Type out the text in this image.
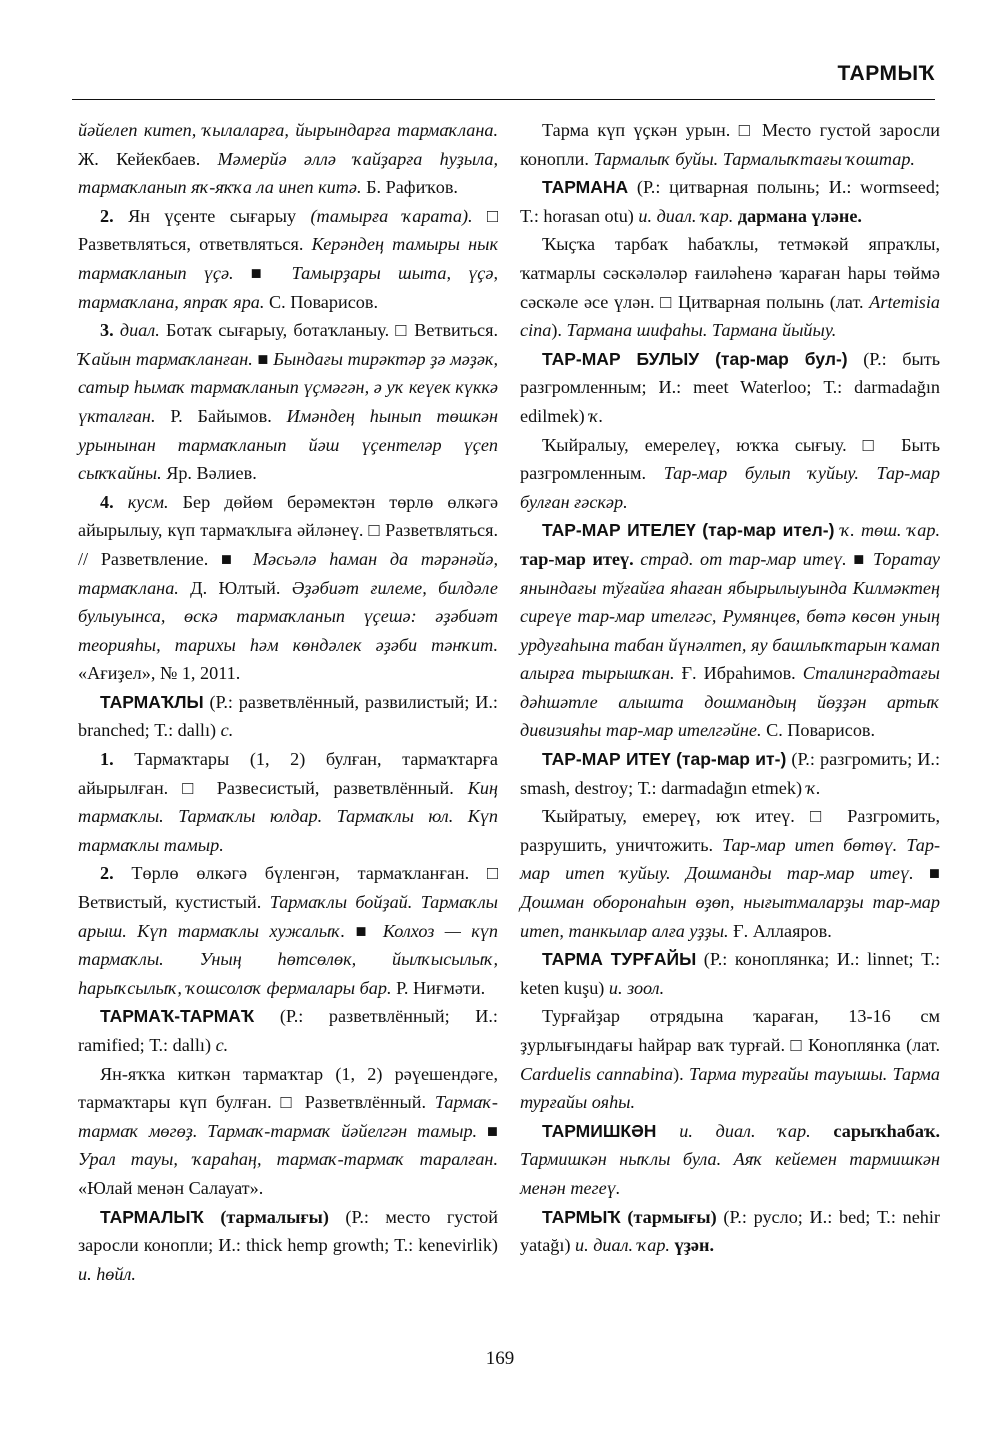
ТАРМЫҠ

йәйелеп китеп, ҡылаларға, йырындарға тармаҡлана. Ж. Кейекбаев. Мәмерйә әллә ҡайҙарға һуҙыла, тармаҡланып яҡ-яҡҡа ла инеп китә. Б. Рафиҡов.

2. Ян үҫенте сығарыу (тамырға ҡарата). □ Разветвляться, ответвляться. Керәндең тамыры нык тармаҡланып үҫә. ■ Тамырҙары шыта, үҫә, тармаҡлана, япраҡ яра. С. Поварисов.

3. диал. Ботаҡ сығарыу, ботаҡланыу. □ Ветвиться. Ҡайын тармаҡланған. ■ Бындағы тирәктәр ҙә мәҙәк, сатыр һымаҡ тармаҡланып үҫмәгән, ә уҡ кеүек күккә үкталған. Р. Байымов. Имәндең һынып төшкән урынынан тармаҡланып йәш үҫентеләр үҫеп сыҡҡайны. Яр. Вәлиев.

4. кусм. Бер дөйөм берәмектән төрлө өлкәгә айырылыу, күп тармаҡлыға әйләнеү. □ Разветвляться. // Разветвление. ■ Мәсьәлә һаман да тәрәнәйә, тармаҡлана. Д. Юлтый. Әҙәбиәт ғилеме, билдәле булыуынса, өскә тармаҡланып үҫешә: әҙәбиәт теорияһы, тарихы һәм көндәлек әҙәби тәнҡит. «Ағиҙел», № 1, 2011.

ТАРМАҠЛЫ (Р.: разветвлённый, развилистый; И.: branched; Т.: dallı) с.

1. Тармаҡтары (1, 2) булған, тармаҡтарға айырылған. □ Развесистый, разветвлённый. Киң тармаҡлы. Тармаҡлы юлдар. Тармаҡлы юл. Күп тармаҡлы тамыр.

2. Төрлө өлкәгә бүленгән, тармаҡланған. □ Ветвистый, кустистый. Тармаҡлы бойҙай. Тармаҡлы арыш. Күп тармаҡлы хужалыҡ. ■ Колхоз — күп тармаҡлы. Уның һөтсөлөк, йылҡысылыҡ, һарыҡсылыҡ, ҡошсолоҡ фермалары бар. Р. Ниғмәти.

ТАРМАҠ-ТАРМАҠ (Р.: разветвлённый; И.: ramified; Т.: dallı) с.

Ян-яҡҡа киткән тармаҡтар (1, 2) рәүешендәге, тармаҡтары күп булған. □ Разветвлённый. Тармаҡ-тармаҡ мөгөҙ. Тармаҡ-тармаҡ йәйелгән тамыр. ■ Урал тауы, ҡараһаң, тармаҡ-тармаҡ таралған. «Юлай менән Салауат».

ТАРМАЛЫҠ (тармалығы) (Р.: место густой заросли конопли; И.: thick hemp growth; Т.: kenevirlik) и. һөйл.

Тарма күп үҫкән урын. □ Место густой заросли конопли. Тармалыҡ буйы. Тармалыҡтағы ҡоштар.

ТАРМАНА (Р.: цитварная полынь; И.: wormseed; Т.: horasan otu) и. диал. ҡар. дармана үләне.

Ҡыҫҡа тарбаҡ һабаҡлы, тетмәкәй япраҡлы, ҡатмарлы сәскәләләр ғаиләһенә ҡараған һары төймә сәскәле әсе үлән. □ Цитварная полынь (лат. Artemisia cina). Тармана шифаһы. Тармана йыйыу.

ТАР-МАР БУЛЫУ (тар-мар бул-) (Р.: быть разгромленным; И.: meet Waterloo; Т.: darmadağın edilmek) ҡ.

Ҡыйралыу, емерелеү, юҡҡа сығыу. □ Быть разгромленным. Тар-мар булып ҡуйыу. Тар-мар булған ғәскәр.

ТАР-МАР ИТЕЛЕҮ (тар-мар ител-) ҡ. төш. ҡар. тар-мар итеү. страд. от тар-мар итеү. ■ Торатау янындағы тўғайға яһаған ябырылыуында Килмәктең сиреүе тар-мар ителгәс, Румянцев, бөтә көсөн уның урдуғаһына табан йүнәлтеп, яу башлыҡтарын ҡамап алырға тырышҡан. Ғ. Ибраһимов. Сталинградтағы дәһшәтле алышта дошмандың йөҙҙән артыҡ дивизияһы тар-мар ителгәйне. С. Поварисов.

ТАР-МАР ИТЕҮ (тар-мар ит-) (Р.: разгромить; И.: smash, destroy; Т.: darmadağın etmek) ҡ.

Ҡыйратыу, емереү, юҡ итеү. □ Разгромить, разрушить, уничтожить. Тар-мар итеп бөтөү. Тар-мар итеп ҡуйыу. Дошманды тар-мар итеү. ■ Дошман оборонаһын өҙөп, нығытмаларҙы тар-мар итеп, танкылар алға уҙҙы. Ғ. Аллаяров.

ТАРМА ТУРҒАЙЫ (Р.: коноплянка; И.: linnet; Т.: keten kuşu) и. зоол.

Турғайҙар отрядына ҡараған, 13-16 см ҙурлығындағы һайрар ваҡ турғай. □ Коноплянка (лат. Carduelis cannabina). Тарма турғайы тауышы. Тарма турғайы ояһы.

ТАРМИШКӘН и. диал. ҡар. сарыҡһабаҡ. Тармишкән ныҡлы була. Аяҡ кейемен тармишкән менән тегеү.

ТАРМЫҠ (тармығы) (Р.: русло; И.: bed; Т.: nehir yatağı) и. диал. ҡар. үҙән.

169
